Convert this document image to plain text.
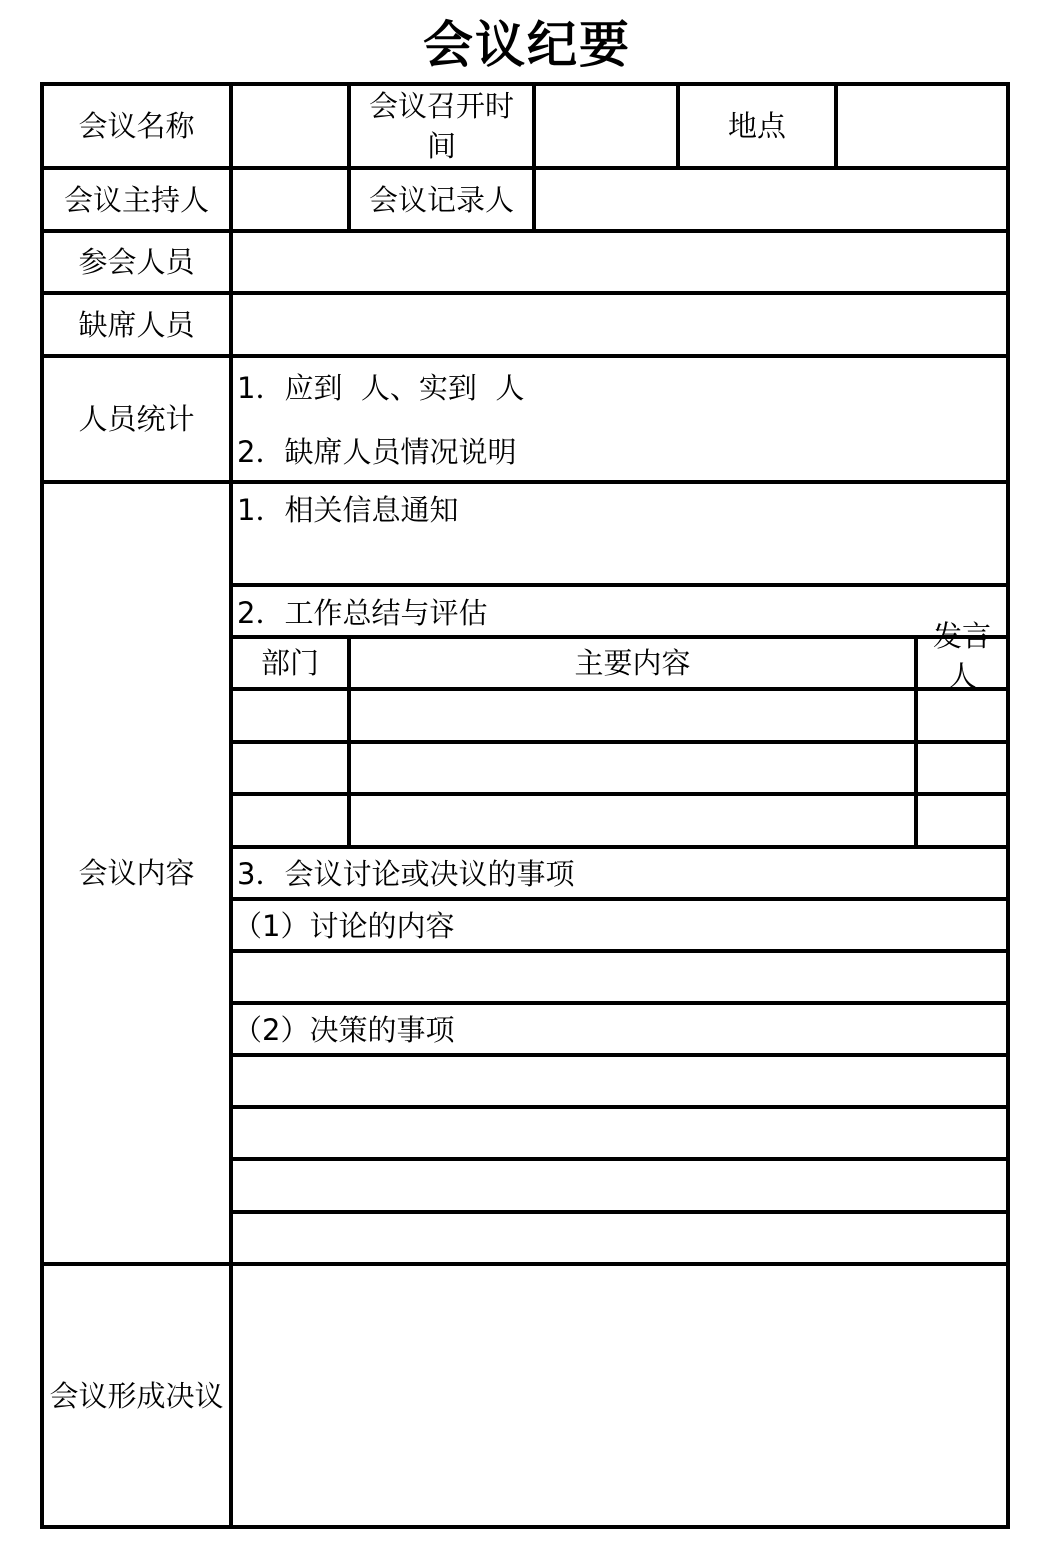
会议纪要
会议名称
会议召开时间
地点
会议主持人	会议记录人
参会人员
缺席人员
人员统计
1．应到  人、实到  人
2．缺席人员情况说明
会议内容
1．相关信息通知
2．工作总结与评估
部门	主要内容
发言人
3．会议讨论或决议的事项
（1）讨论的内容
（2）决策的事项
会议形成决议
